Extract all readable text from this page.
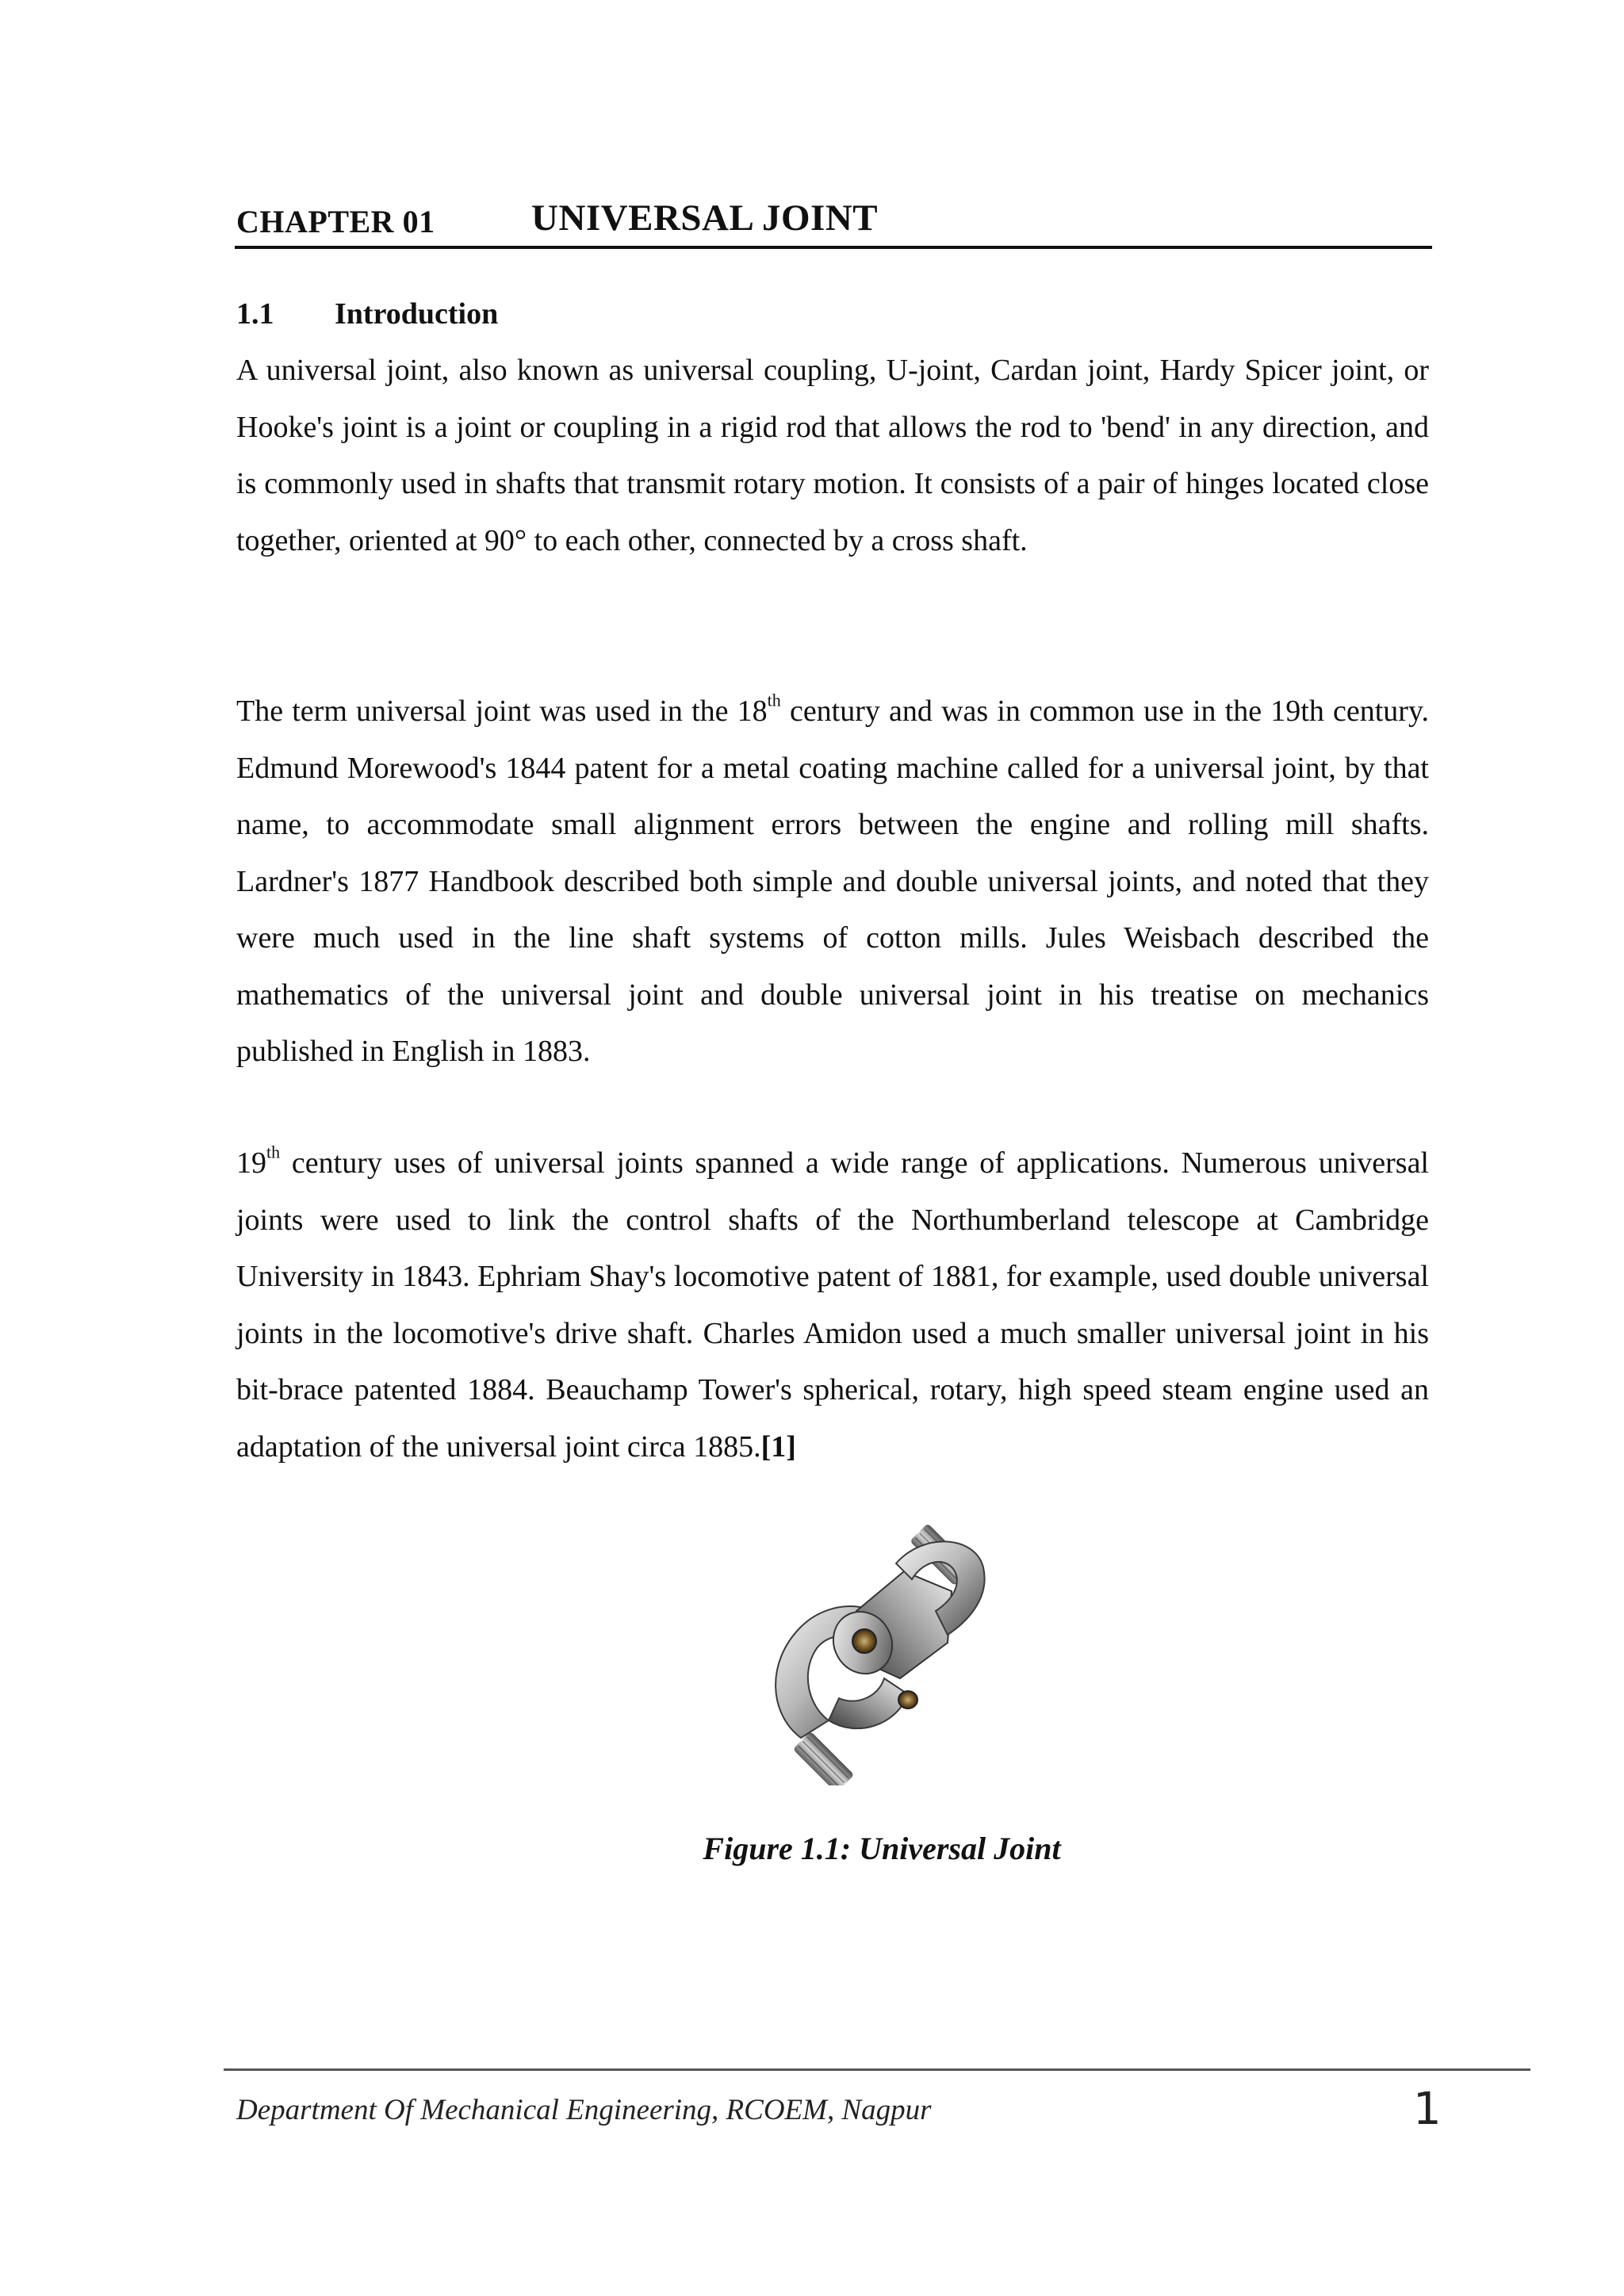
CHAPTER 01	UNIVERSAL JOINT
1.1 Introduction

A universal joint, also known as universal coupling, U-joint, Cardan joint, Hardy Spicer joint, or Hooke's joint is a joint or coupling in a rigid rod that allows the rod to 'bend' in any direction, and is commonly used in shafts that transmit rotary motion. It consists of a pair of hinges located close together, oriented at 90° to each other, connected by a cross shaft.

The term universal joint was used in the 18th century and was in common use in the 19th century. Edmund Morewood's 1844 patent for a metal coating machine called for a universal joint, by that name, to accommodate small alignment errors between the engine and rolling mill shafts. Lardner's 1877 Handbook described both simple and double universal joints, and noted that they were much used in the line shaft systems of cotton mills. Jules Weisbach described the mathematics of the universal joint and double universal joint in his treatise on mechanics published in English in 1883.

19th century uses of universal joints spanned a wide range of applications. Numerous universal joints were used to link the control shafts of the Northumberland telescope at Cambridge University in 1843. Ephriam Shay's locomotive patent of 1881, for example, used double universal joints in the locomotive's drive shaft. Charles Amidon used a much smaller universal joint in his bit-brace patented 1884. Beauchamp Tower's spherical, rotary, high speed steam engine used an adaptation of the universal joint circa 1885.[1]

Figure 1.1: Universal Joint
Department Of Mechanical Engineering, RCOEM, Nagpur	1
